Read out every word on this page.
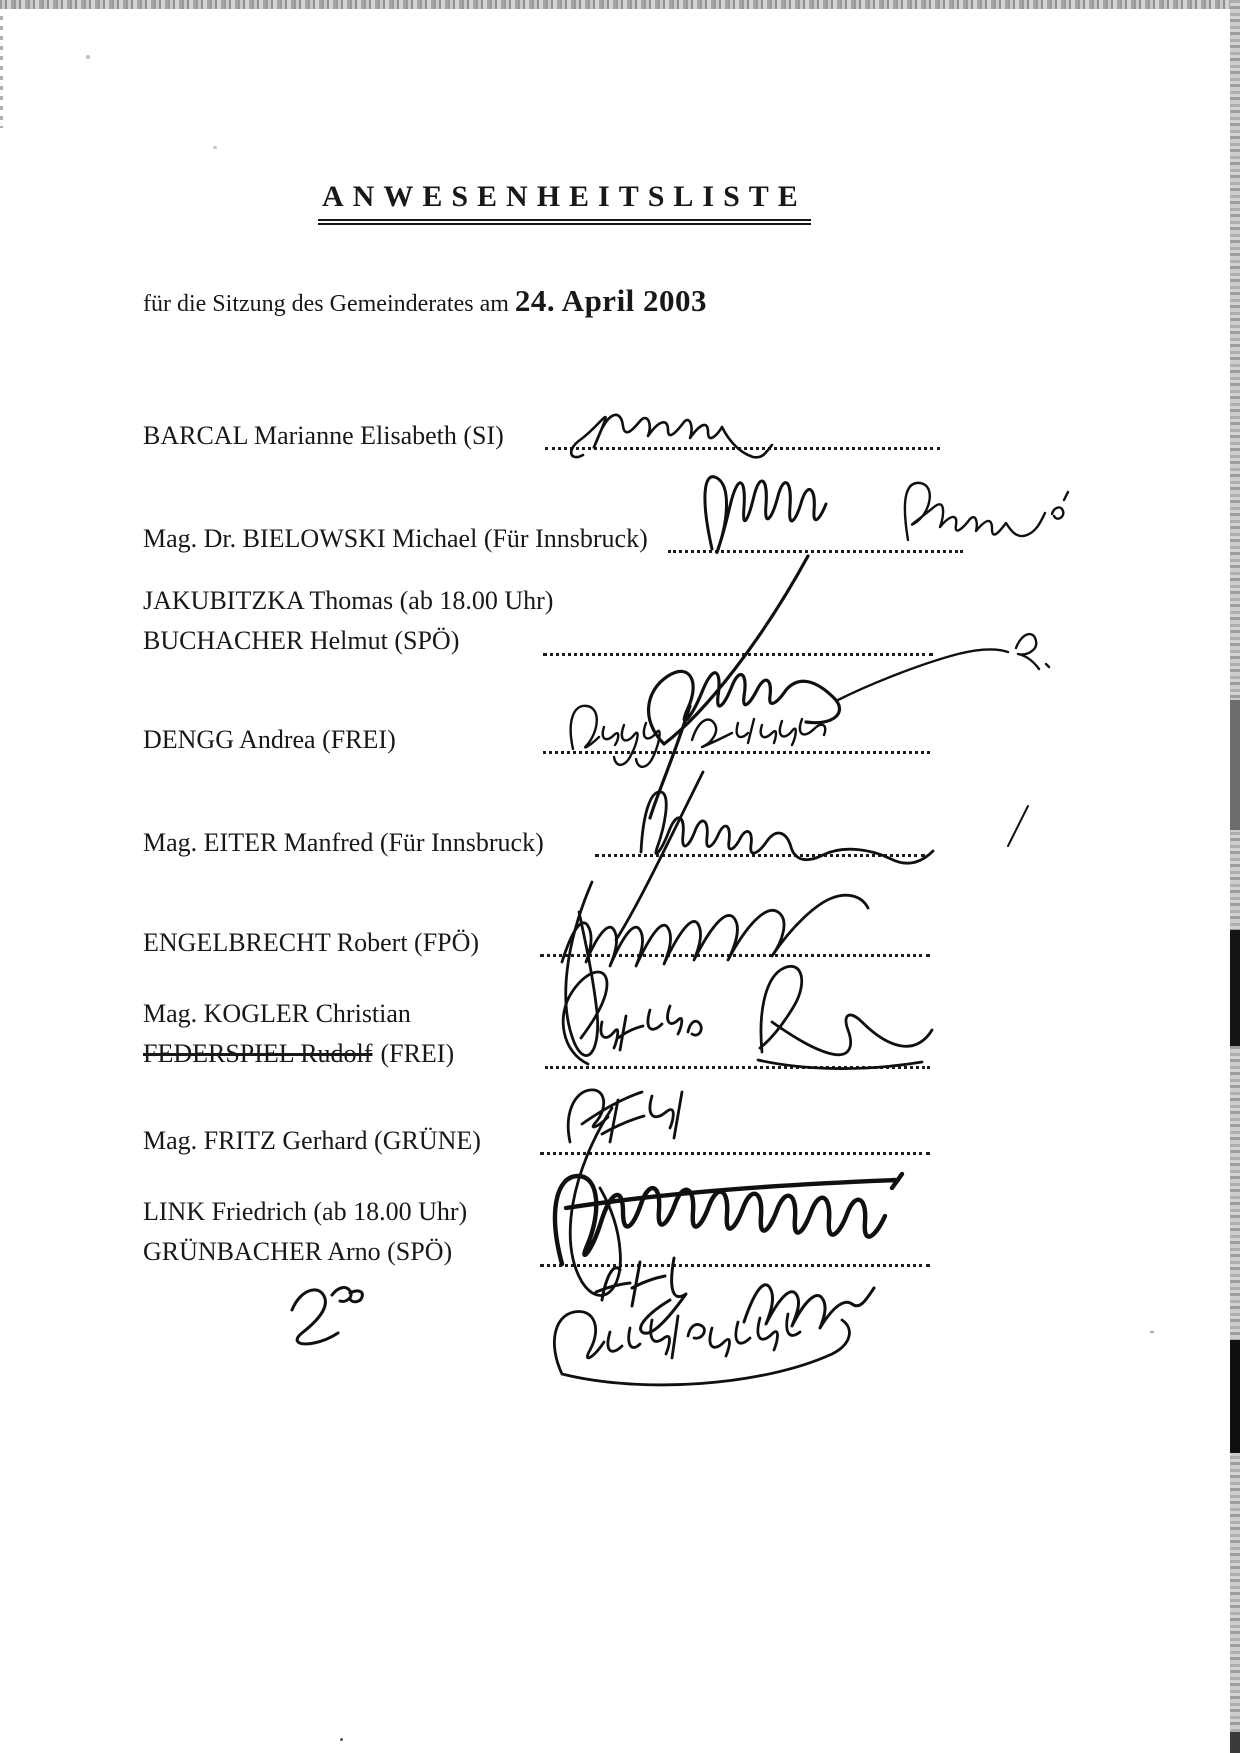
ANWESENHEITSLISTE
für die Sitzung des Gemeinderates am 24. April 2003
BARCAL Marianne Elisabeth (SI)
Mag. Dr. BIELOWSKI Michael (Für Innsbruck)
JAKUBITZKA Thomas (ab 18.00 Uhr)
BUCHACHER Helmut (SPÖ)
DENGG Andrea (FREI)
Mag. EITER Manfred (Für Innsbruck)
ENGELBRECHT Robert (FPÖ)
Mag. KOGLER Christian
FEDERSPIEL Rudolf (FREI)
Mag. FRITZ Gerhard (GRÜNE)
LINK Friedrich (ab 18.00 Uhr)
GRÜNBACHER Arno (SPÖ)
